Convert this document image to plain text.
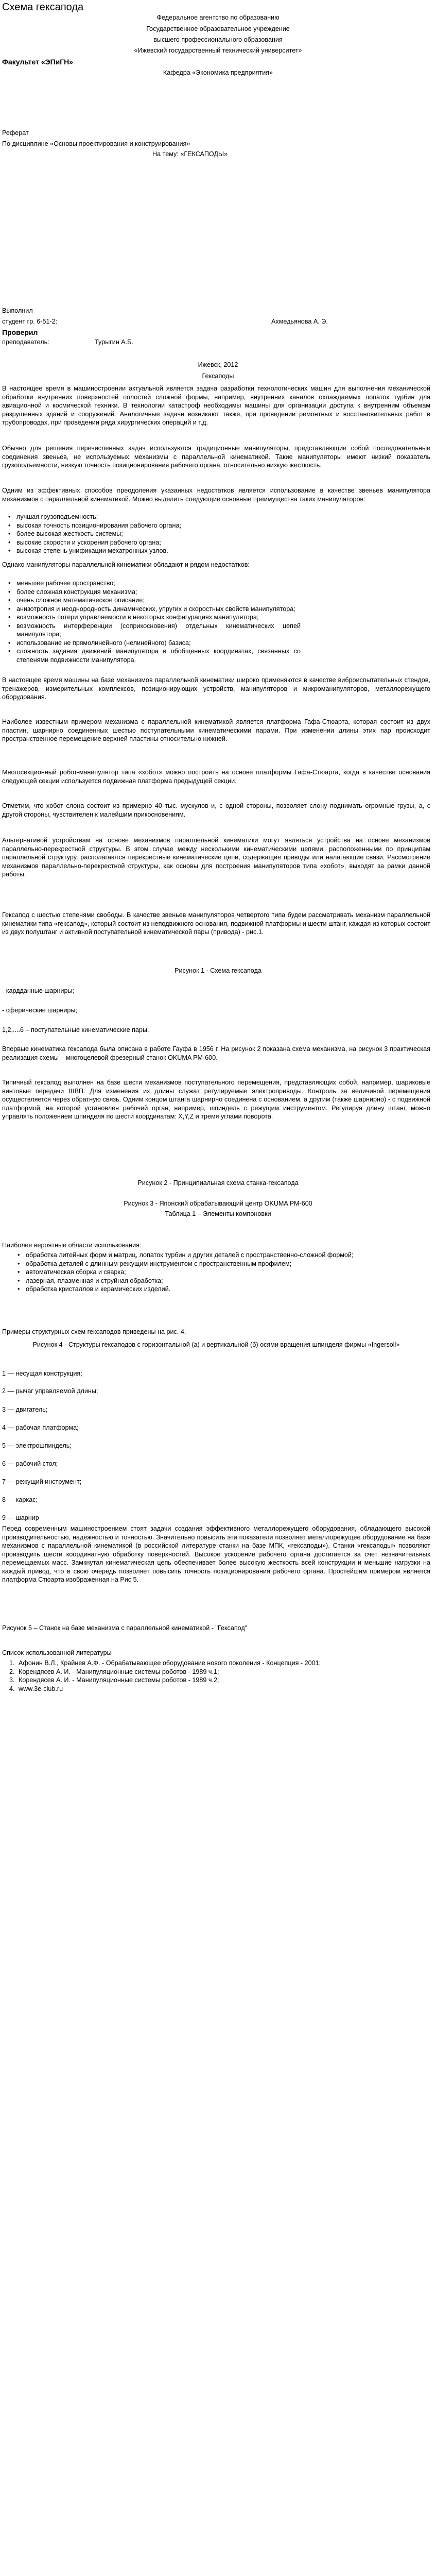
Схема гексапода
Федеральное агентство по образованию
Государственное образовательное учреждение
высшего профессионального образования
«Ижевский государственный технический университет»
Факультет «ЭПиГН»
Кафедра «Экономика предприятия»
Реферат
По дисциплине «Основы проектирования и конструирования»
На тему: «ГЕКСАПОДЫ»
Выполнил
студент гр. 6-51-2:	Ахмедьянова А. Э.
Проверил
преподаватель:	Турыгин А.Б.
Ижевск, 2012
Гексаподы
В настоящее время в машиностроении актуальной является задача разработки технологических машин для выполнения механической обработки внутренних поверхностей полостей сложной формы, например, внутренних каналов охлаждаемых лопаток турбин для авиационной и космической техники. В технологии катастроф необходимы машины для организации доступа к внутренним объемам разрушенных зданий и сооружений. Аналогичные задачи возникают также, при проведении ремонтных и восстановительных работ в трубопроводах, при проведении ряда хирургических операций и т.д.
Обычно для решения перечисленных задач используются традиционные манипуляторы, представляющие собой последовательные соединения звеньев, не используемых механизмы с параллельной кинематикой. Такие манипуляторы имеют низкий показатель грузоподъемности, низкую точность позиционирования рабочего органа, относительно низкую жесткость.
Одним из эффективных способов преодоления указанных недостатков является использование в качестве звеньев манипулятора механизмов с параллельной кинематикой. Можно выделить следующие основные преимущества таких манипуляторов:
• лучшая грузоподъемность;
• высокая точность позиционирования рабочего органа;
• более высокая жесткость системы;
• высокие скорости и ускорения рабочего органа;
• высокая степень унификации мехатронных узлов.
Однако манипуляторы параллельной кинематики обладают и рядом недостатков:
• меньшее рабочее пространство;
• более сложная конструкция механизма;
• очень сложное математическое описание;
• анизотропия и неоднородность динамических, упругих и скоростных свойств манипулятора;
• возможность потери управляемости в некоторых конфигурациях манипулятора;
• возможность интерференции (соприкосновения) отдельных кинематических цепей манипулятора;
• использование не прямолинейного (нелинейного) базиса;
• сложность задания движений манипулятора в обобщенных координатах, связанных со степенями подвижности манипулятора.
В настоящее время машины на базе механизмов параллельной кинематики широко применяются в качестве виброиспытательных стендов, тренажеров, измерительных комплексов, позиционирующих устройств, манипуляторов и микроманипуляторов, металлорежущего оборудования.
Наиболее известным примером механизма с параллельной кинематикой является платформа Гафа-Стюарта, которая состоит из двух пластин, шарнирно соединенных шестью поступательными кинематическими парами. При изменении длины этих пар происходит пространственное перемещение верхней пластины относительно нижней.
Многосекционный робот-манипулятор типа «хобот» можно построить на основе платформы Гафа-Стюарта, когда в качестве основания следующей секции используется подвижная платформа предыдущей секции.
Отметим, что хобот слона состоит из примерно 40 тыс. мускулов и, с одной стороны, позволяет слону поднимать огромные грузы, а, с другой стороны, чувствителен к малейшим прикосновениям.
Альтернативой устройствам на основе механизмов параллельной кинематики могут являться устройства на основе механизмов параллельно-перекрестной структуры. В этом случае между несколькими кинематическими цепями, расположенными по принципам параллельной структуру, располагаются перекрестные кинематические цепи, содержащие приводы или налагающие связи. Рассмотрение механизмов параллельно-перекрестной структуры, как основы для построения манипуляторов типа «хобот», выходят за рамки данной работы.
Гексапод с шестью степенями свободы. В качестве звеньев манипуляторов четвертого типа будем рассматривать механизм параллельной кинематики типа «гексапод», который состоит из неподвижного основания, подвижной платформы и шести штанг, каждая из которых состоит из двух полуштанг и активной поступательной кинематической пары (привода) - рис.1.
Рисунок 1 - Схема гексапода
- кардданные шарниры;
- сферические шарниры;
1,2,....6 – поступательные кинематические пары.
Впервые кинематика гексапода была описана в работе Гауфа в 1956 г. На рисунок 2 показана схема механизма, на рисунок 3 практическая реализация схемы – многоцелевой фрезерный станок OKUMA PM-600.
Типичный гексапод выполнен на базе шести механизмов поступательного перемещения, представляющих собой, например, шариковые винтовые передачи ШВП. Для изменения их длины служат регулируемые электроприводы. Контроль за величиной перемещения осуществляется через обратную связь. Одним концом штанга шарнирно соединена с основанием, а другим (также шарнирно) - с подвижной платформой, на которой установлен рабочий орган, например, шпиндель с режущим инструментом. Регулируя длину штанг, можно управлять положением шпинделя по шести координатам: X,Y,Z и тремя углами поворота.
Рисунок 2 - Принципиальная схема станка-гексапода
Рисунок 3 - Японский обрабатывающий центр OKUMA PM-600
Таблица 1 – Элементы компоновки
Наиболее вероятные области использования:
• обработка литейных форм и матриц, лопаток турбин и других деталей с пространственно-сложной формой;
• обработка деталей с длинным режущим инструментом с пространственным профилем;
• автоматическая сборка и сварка;
• лазерная, плазменная и струйная обработка;
• обработка кристаллов и керамических изделий.
Примеры структурных схем гексаподов приведены на рис. 4.
Рисунок 4 - Структуры гексаподов с горизонтальной (а) и вертикальной (б) осями вращения шпинделя фирмы «Ingersoll»
1 — несущая конструкция;
2 — рычаг управляемой длины;
3 — двигатель;
4 — рабочая платформа;
5 — электрошпиндель;
6 — рабочий стол;
7 — режущий инструмент;
8 — каркас;
9 — шарнир
Перед современным машиностроением стоят задачи создания эффективного металлорежущего оборудования, обладающего высокой производительностью, надежностью и точностью. Значительно повысить эти показатели позволяет металлорежущее оборудование на базе механизмов с параллельной кинематикой (в российской литературе станки на базе МПК, «гексаподы»). Станки «гексаподы» позволяют производить шести координатную обработку поверхностей. Высокое ускорение рабочего органа достигается за счет незначительных перемещаемых масс. Замкнутая кинематическая цепь обеспечивает более высокую жесткость всей конструкции и меньшие нагрузки на каждый привод, что в свою очередь позволяет повысить точность позиционирования рабочего органа. Простейшим примером является платформа Стюарта изображенная на Рис 5.
Рисунок 5 – Станок на базе механизма с параллельной кинематикой - "Гексапод"
Список использованной литературы
1. Афонин В.Л., Крайнев А.Ф. - Обрабатывающее оборудование нового поколения - Концепция - 2001;
2. Коренд​яс​ев А. И. - Манипуляционные системы роботов - 1989 ч.1;
3. Корендясев А. И. - Манипуляционные системы роботов - 1989 ч.2;
4. www.3e-club.ru
